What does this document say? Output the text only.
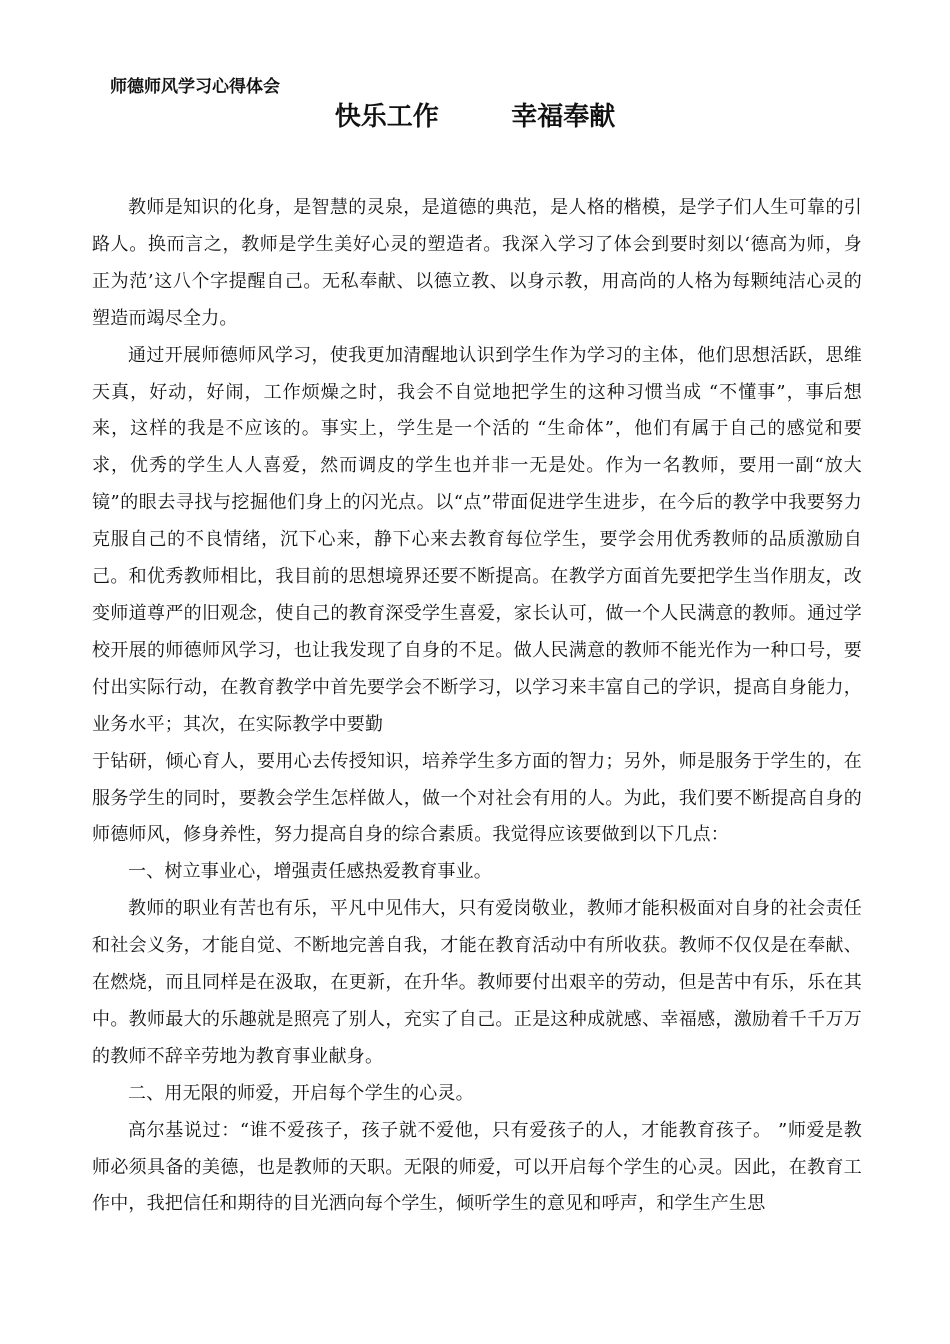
师德师风学习心得体会
快乐工作        幸福奉献

教师是知识的化身，是智慧的灵泉，是道德的典范，是人格的楷模，是学子们人生可靠的引路人。换而言之，教师是学生美好心灵的塑造者。我深入学习了体会到要时刻以‘德高为师，身正为范’这八个字提醒自己。无私奉献、以德立教、以身示教，用高尚的人格为每颗纯洁心灵的塑造而竭尽全力。

通过开展师德师风学习，使我更加清醒地认识到学生作为学习的主体，他们思想活跃，思维天真，好动，好闹，工作烦燥之时，我会不自觉地把学生的这种习惯当成 “不懂事”，事后想来，这样的我是不应该的。事实上，学生是一个活的 “生命体”，他们有属于自己的感觉和要求，优秀的学生人人喜爱，然而调皮的学生也并非一无是处。作为一名教师，要用一副“放大镜”的眼去寻找与挖掘他们身上的闪光点。以“点”带面促进学生进步，在今后的教学中我要努力克服自己的不良情绪，沉下心来，静下心来去教育每位学生，要学会用优秀教师的品质激励自己。和优秀教师相比，我目前的思想境界还要不断提高。在教学方面首先要把学生当作朋友，改变师道尊严的旧观念，使自己的教育深受学生喜爱，家长认可，做一个人民满意的教师。通过学校开展的师德师风学习，也让我发现了自身的不足。做人民满意的教师不能光作为一种口号，要付出实际行动，在教育教学中首先要学会不断学习，以学习来丰富自己的学识，提高自身能力，业务水平；其次，在实际教学中要勤

于钻研，倾心育人，要用心去传授知识，培养学生多方面的智力；另外，师是服务于学生的，在服务学生的同时，要教会学生怎样做人，做一个对社会有用的人。为此，我们要不断提高自身的师德师风，修身养性，努力提高自身的综合素质。我觉得应该要做到以下几点：

一、树立事业心，增强责任感热爱教育事业。

教师的职业有苦也有乐，平凡中见伟大，只有爱岗敬业，教师才能积极面对自身的社会责任和社会义务，才能自觉、不断地完善自我，才能在教育活动中有所收获。教师不仅仅是在奉献、在燃烧，而且同样是在汲取，在更新，在升华。教师要付出艰辛的劳动，但是苦中有乐，乐在其中。教师最大的乐趣就是照亮了别人，充实了自己。正是这种成就感、幸福感，激励着千千万万的教师不辞辛劳地为教育事业献身。

二、用无限的师爱，开启每个学生的心灵。

高尔基说过：“谁不爱孩子，孩子就不爱他，只有爱孩子的人，才能教育孩子。 ”师爱是教师必须具备的美德，也是教师的天职。无限的师爱，可以开启每个学生的心灵。因此，在教育工作中，我把信任和期待的目光洒向每个学生，倾听学生的意见和呼声，和学生产生思
